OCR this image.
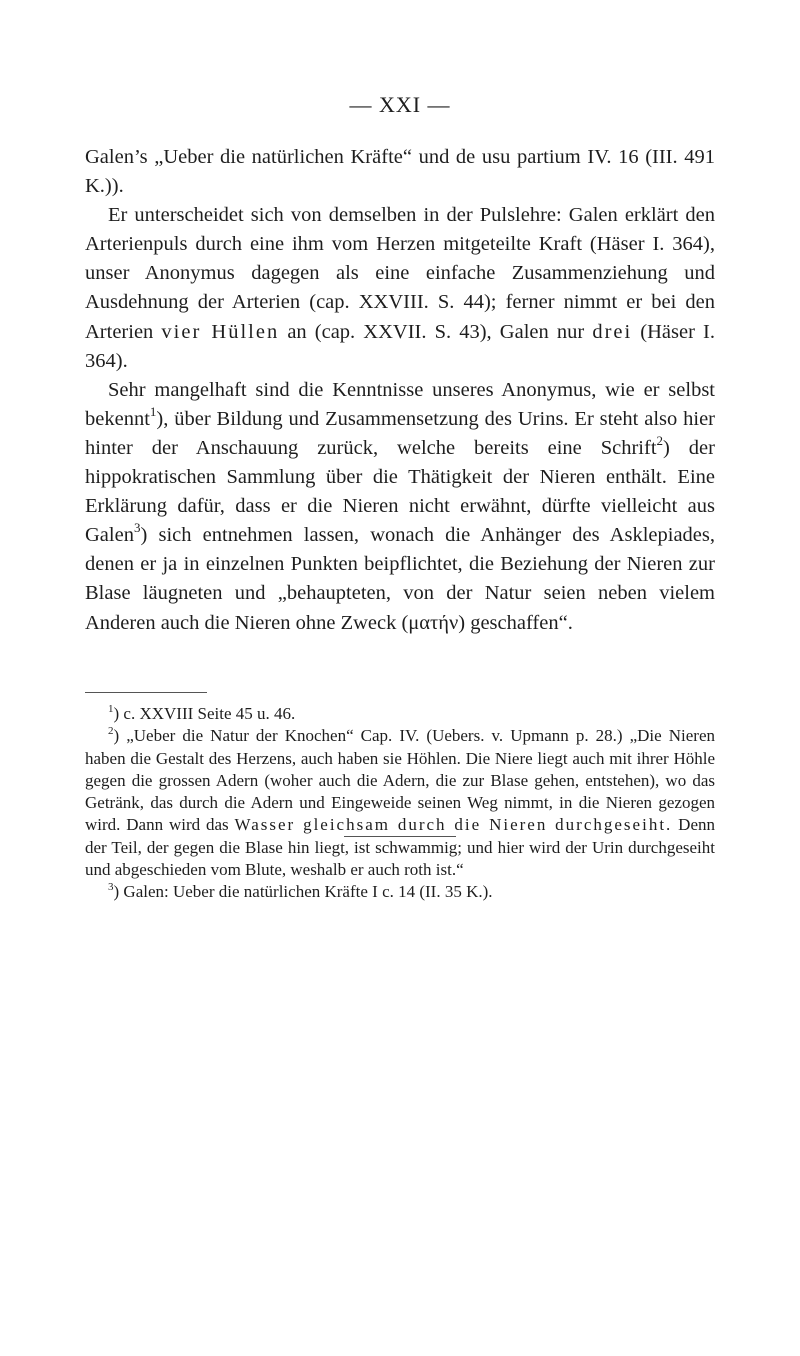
— XXI —

Galen’s „Ueber die natürlichen Kräfte“ und de usu partium IV. 16 (III. 491 K.)).

Er unterscheidet sich von demselben in der Pulslehre: Galen erklärt den Arterienpuls durch eine ihm vom Herzen mitgeteilte Kraft (Häser I. 364), unser Anonymus dagegen als eine einfache Zusammenziehung und Ausdehnung der Arterien (cap. XXVIII. S. 44); ferner nimmt er bei den Arterien vier Hüllen an (cap. XXVII. S. 43), Galen nur drei (Häser I. 364).

Sehr mangelhaft sind die Kenntnisse unseres Anonymus, wie er selbst bekennt$^1$), über Bildung und Zusammensetzung des Urins. Er steht also hier hinter der Anschauung zurück, welche bereits eine Schrift$^2$) der hippokratischen Sammlung über die Thätigkeit der Nieren enthält. Eine Erklärung dafür, dass er die Nieren nicht erwähnt, dürfte vielleicht aus Galen$^3$) sich entnehmen lassen, wonach die Anhänger des Asklepiades, denen er ja in einzelnen Punkten beipflichtet, die Beziehung der Nieren zur Blase läugneten und „behaupteten, von der Natur seien neben vielem Anderen auch die Nieren ohne Zweck (ματήν) geschaffen“.

$^1$) c. XXVIII Seite 45 u. 46.

$^2$) „Ueber die Natur der Knochen“ Cap. IV. (Uebers. v. Upmann p. 28.) „Die Nieren haben die Gestalt des Herzens, auch haben sie Höhlen. Die Niere liegt auch mit ihrer Höhle gegen die grossen Adern (woher auch die Adern, die zur Blase gehen, entstehen), wo das Getränk, das durch die Adern und Eingeweide seinen Weg nimmt, in die Nieren gezogen wird. Dann wird das Wasser gleichsam durch die Nieren durchgeseiht. Denn der Teil, der gegen die Blase hin liegt, ist schwammig; und hier wird der Urin durchgeseiht und abgeschieden vom Blute, weshalb er auch roth ist.“

$^3$) Galen: Ueber die natürlichen Kräfte I c. 14 (II. 35 K.).
